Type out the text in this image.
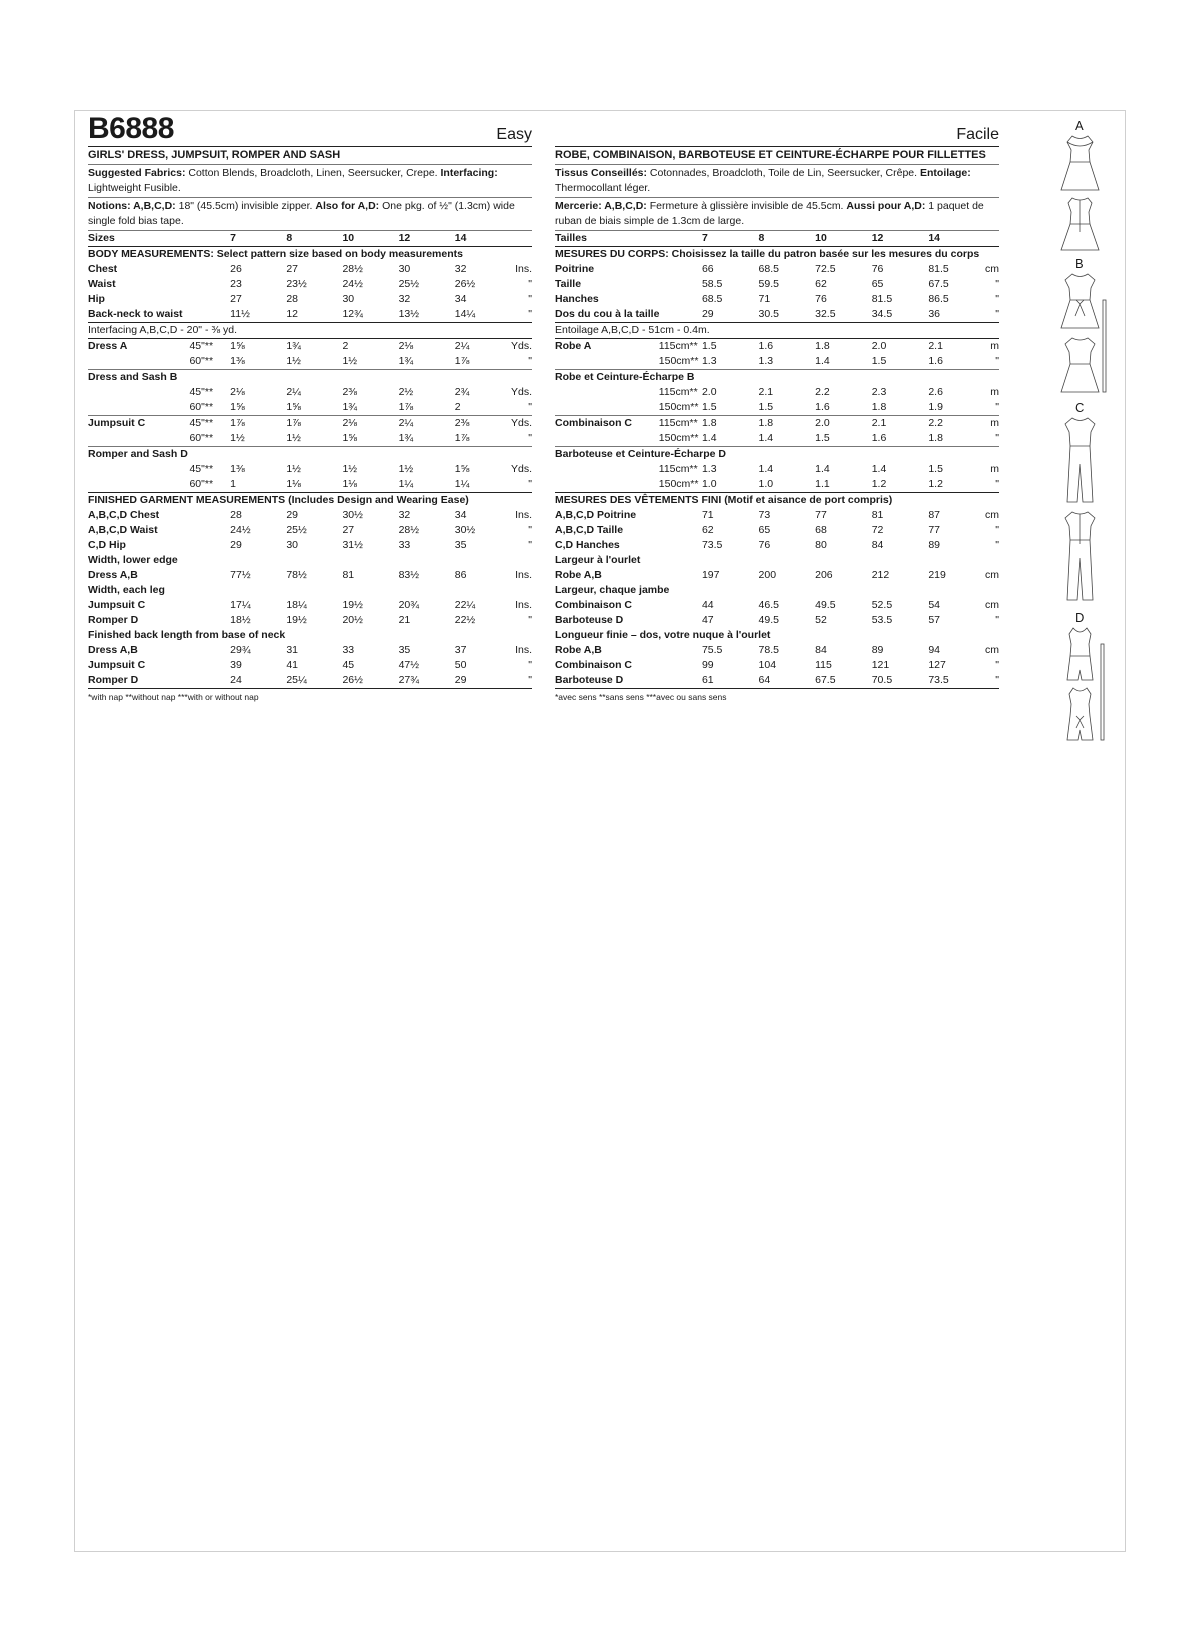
B6888	Easy
GIRLS' DRESS, JUMPSUIT, ROMPER AND SASH
Suggested Fabrics: Cotton Blends, Broadcloth, Linen, Seersucker, Crepe. Interfacing: Lightweight Fusible.
Notions: A,B,C,D: 18" (45.5cm) invisible zipper. Also for A,D: One pkg. of ½" (1.3cm) wide single fold bias tape.
Sizes		7	8	10	12	14	
BODY MEASUREMENTS: Select pattern size based on body measurements							
Chest		26	27	28½	30	32	Ins.
Waist		23	23½	24½	25½	26½	"
Hip		27	28	30	32	34	"
Back-neck to waist		11½	12	12¾	13½	14¼	"
Interfacing A,B,C,D - 20" - ⅜ yd.							
Dress A	45"**	1⅝	1¾	2	2⅛	2¼	Yds.
	60"**	1⅜	1½	1½	1¾	1⅞	"
Dress and Sash B							
	45"**	2⅛	2¼	2⅜	2½	2¾	Yds.
	60"**	1⅝	1⅝	1¾	1⅞	2	"
Jumpsuit C	45"**	1⅞	1⅞	2⅛	2¼	2⅜	Yds.
	60"**	1½	1½	1⅝	1¾	1⅞	"
Romper and Sash D							
	45"**	1⅜	1½	1½	1½	1⅝	Yds.
	60"**	1	1⅛	1⅛	1¼	1¼	"
FINISHED GARMENT MEASUREMENTS (Includes Design and Wearing Ease)							
A,B,C,D Chest		28	29	30½	32	34	Ins.
A,B,C,D Waist		24½	25½	27	28½	30½	"
C,D Hip		29	30	31½	33	35	"
Width, lower edge							
Dress A,B		77½	78½	81	83½	86	Ins.
Width, each leg							
Jumpsuit C		17¼	18¼	19½	20¾	22¼	Ins.
Romper D		18½	19½	20½	21	22½	"
Finished back length from base of neck							
Dress A,B		29¾	31	33	35	37	Ins.
Jumpsuit C		39	41	45	47½	50	"
Romper D		24	25¼	26½	27¾	29	"
*with nap **without nap ***with or without nap
Facile
ROBE, COMBINAISON, BARBOTEUSE ET CEINTURE-ÉCHARPE POUR FILLETTES
Tissus Conseillés: Cotonnades, Broadcloth, Toile de Lin, Seersucker, Crêpe. Entoilage: Thermocollant léger.
Mercerie: A,B,C,D: Fermeture à glissière invisible de 45.5cm. Aussi pour A,D: 1 paquet de ruban de biais simple de 1.3cm de large.
Tailles		7	8	10	12	14	
MESURES DU CORPS: Choisissez la taille du patron basée sur les mesures du corps							
Poitrine		66	68.5	72.5	76	81.5	cm
Taille		58.5	59.5	62	65	67.5	"
Hanches		68.5	71	76	81.5	86.5	"
Dos du cou à la taille		29	30.5	32.5	34.5	36	"
Entoilage A,B,C,D - 51cm - 0.4m.							
Robe A	115cm**	1.5	1.6	1.8	2.0	2.1	m
	150cm**	1.3	1.3	1.4	1.5	1.6	"
Robe et Ceinture-Écharpe B							
	115cm**	2.0	2.1	2.2	2.3	2.6	m
	150cm**	1.5	1.5	1.6	1.8	1.9	"
Combinaison C	115cm**	1.8	1.8	2.0	2.1	2.2	m
	150cm**	1.4	1.4	1.5	1.6	1.8	"
Barboteuse et Ceinture-Écharpe D							
	115cm**	1.3	1.4	1.4	1.4	1.5	m
	150cm**	1.0	1.0	1.1	1.2	1.2	"
MESURES DES VÊTEMENTS FINI (Motif et aisance de port compris)							
A,B,C,D Poitrine		71	73	77	81	87	cm
A,B,C,D Taille		62	65	68	72	77	"
C,D Hanches		73.5	76	80	84	89	"
Largeur à l'ourlet							
Robe A,B		197	200	206	212	219	cm
Largeur, chaque jambe							
Combinaison C		44	46.5	49.5	52.5	54	cm
Barboteuse D		47	49.5	52	53.5	57	"
Longueur finie – dos, votre nuque à l'ourlet							
Robe A,B		75.5	78.5	84	89	94	cm
Combinaison C		99	104	115	121	127	"
Barboteuse D		61	64	67.5	70.5	73.5	"
*avec sens **sans sens ***avec ou sans sens
A
B
C
D
